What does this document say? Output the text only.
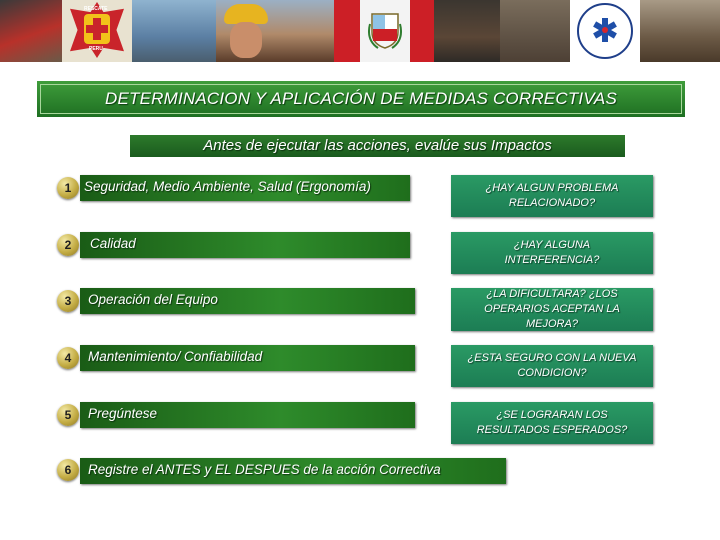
RESCATE
PERU
DETERMINACION Y APLICACIÓN DE MEDIDAS CORRECTIVAS
Antes de ejecutar las acciones, evalúe sus Impactos
1 Seguridad, Medio Ambiente, Salud (Ergonomía)
2	Calidad
3	Operación del Equipo
4	Mantenimiento/ Confiabilidad
5	Pregúntese
6	Registre el ANTES y EL DESPUES de la acción Correctiva
¿HAY ALGUN PROBLEMA
RELACIONADO?
¿HAY ALGUNA
INTERFERENCIA?
¿LA DIFICULTARA? ¿LOS
OPERARIOS ACEPTAN LA
MEJORA?
¿ESTA SEGURO CON LA NUEVA
CONDICION?
¿SE LOGRARAN LOS
RESULTADOS ESPERADOS?
